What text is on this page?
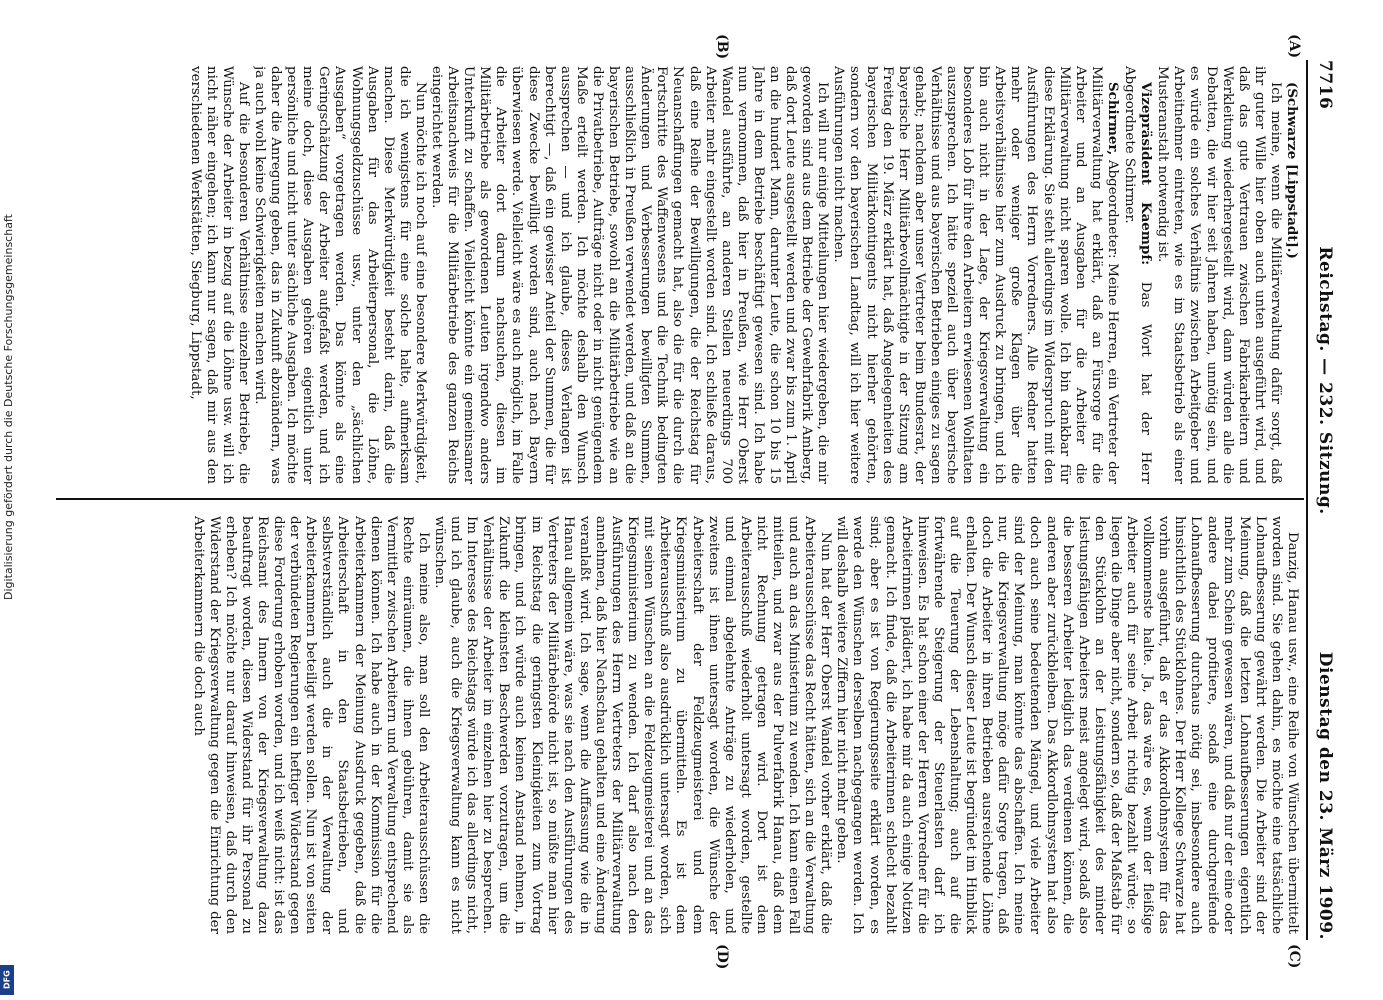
7716
Reichstag. — 232. Sitzung.
Dienstag den 23. März 1909.
(A)
(B)
(C)
(D)

(Schwarze [Lippstadt].)

Ich meine, wenn die Militärverwaltung dafür sorgt, daß ihr guter Wille hier oben auch unten ausgeführt wird, und daß das gute Vertrauen zwischen Fabrikarbeitern und Werkleitung wiederhergestellt wird, dann würden alle die Debatten, die wir hier seit Jahren haben, unnötig sein, und es würde ein solches Verhältnis zwischen Arbeitgeber und Arbeitnehmer eintreten, wie es im Staatsbetrieb als einer Musteranstalt notwendig ist.

Vizepräsident Kaempf: Das Wort hat der Herr Abgeordnete Schirmer.

Schirmer, Abgeordneter: Meine Herren, ein Vertreter der Militärverwaltung hat erklärt, daß an Fürsorge für die Arbeiter und an Ausgaben für die Arbeiter die Militärverwaltung nicht sparen wolle. Ich bin dankbar für diese Erklärung. Sie steht allerdings im Widerspruch mit den Ausführungen des Herrn Vorredners. Alle Redner hatten mehr oder weniger große Klagen über die Arbeitsverhältnisse hier zum Ausdruck zu bringen, und ich bin auch nicht in der Lage, der Kriegsverwaltung ein besonderes Lob für ihre den Arbeitern erwiesenen Wohltaten auszusprechen. Ich hätte speziell auch über bayerische Verhältnisse und aus bayerischen Betrieben einiges zu sagen gehabt; nachdem aber unser Vertreter beim Bundesrat, der bayerische Herr Militärbevollmächtigte in der Sitzung am Freitag den 19. März erklärt hat, daß Angelegenheiten des bayerischen Militärkontingents nicht hierher gehörten, sondern vor den bayerischen Landtag, will ich hier weitere Ausführungen nicht machen.

Ich will nur einige Mitteilungen hier wiedergeben, die mir geworden sind aus dem Betriebe der Gewehrfabrik Amberg, daß dort Leute ausgestellt werden und zwar bis zum 1. April an die hundert Mann, darunter Leute, die schon 10 bis 15 Jahre in dem Betriebe beschäftigt gewesen sind. Ich habe nun vernommen, daß hier in Preußen, wie Herr Oberst Wandel ausführte, an anderen Stellen neuerdings 700 Arbeiter mehr eingestellt worden sind. Ich schließe daraus, daß eine Reihe der Bewilligungen, die der Reichstag für Neuanschaffungen gemacht hat, also die für die durch die Fortschritte des Waffenwesens und die Technik bedingten Änderungen und Verbesserungen bewilligten Summen, ausschließlich in Preußen verwendet werden, und daß an die bayerischen Betriebe, sowohl an die Militärbetriebe wie an die Privatbetriebe, Aufträge nicht oder in nicht genügendem Maße erteilt werden. Ich möchte deshalb den Wunsch aussprechen — und ich glaube, dieses Verlangen ist berechtigt —, daß ein gewisser Anteil der Summen, die für diese Zwecke bewilligt worden sind, auch nach Bayern überwiesen werde. Vielleicht wäre es auch möglich, im Falle die Arbeiter dort darum nachsuchen, diesen im Militärbetriebe als gewordenen Leuten irgendwo anders Unterkunft zu schaffen. Vielleicht könnte ein gemeinsamer Arbeitsnachweis für die Militärbetriebe des ganzen Reichs eingerichtet werden.

Nun möchte ich noch auf eine besondere Merkwürdigkeit, die ich wenigstens für eine solche halte, aufmerksam machen. Diese Merkwürdigkeit besteht darin, daß die Ausgaben für das Arbeiterpersonal, die Löhne, Wohnungsgeldzuschüsse usw., unter den „sächlichen Ausgaben“ vorgetragen werden. Das könnte als eine Geringschätzung der Arbeiter aufgefaßt werden, und ich meine doch, diese Ausgaben gehören eigentlich unter persönliche und nicht unter sächliche Ausgaben. Ich möchte daher die Anregung geben, das in Zukunft abzuändern, was ja auch wohl keine Schwierigkeiten machen wird.

Auf die besonderen Verhältnisse einzelner Betriebe, die Wünsche der Arbeiter in bezug auf die Löhne usw. will ich nicht näher eingehen; ich kann nur sagen, daß mir aus den verschiedenen Werkstätten, Siegburg, Lippstadt,

Danzig, Hanau usw., eine Reihe von Wünschen übermittelt worden sind. Sie gehen dahin, es möchte eine tatsächliche Lohnaufbesserung gewährt werden. Die Arbeiter sind der Meinung, daß die letzten Lohnaufbesserungen eigentlich mehr zum Schein gewesen wären, und daß nur der eine oder andere dabei profitiere, sodaß eine durchgreifende Lohnaufbesserung durchaus nötig sei, insbesondere auch hinsichtlich des Stücklohnes. Der Herr Kollege Schwarze hat vorhin ausgeführt, daß er das Akkordlohnsystem für das vollkommenste halte. Ja, das wäre es, wenn der fleißige Arbeiter auch für seine Arbeit richtig bezahlt würde; so liegen die Dinge aber nicht, sondern so, daß der Maßstab für den Stücklohn an der Leistungsfähigkeit des minder leistungsfähigen Arbeiters meist angelegt wird, sodaß also die besseren Arbeiter lediglich das verdienen können, die anderen aber zurückbleiben. Das Akkordlohnsystem hat also doch auch seine bedeutenden Mängel, und viele Arbeiter sind der Meinung, man könnte das abschaffen. Ich meine nur, die Kriegsverwaltung möge dafür Sorge tragen, daß doch die Arbeiter in ihren Betrieben ausreichende Löhne erhalten. Der Wunsch dieser Leute ist begründet im Hinblick auf die Teuerung der Lebenshaltung; auch auf die fortwährende Steigerung der Steuerlasten darf ich hinweisen. Es hat schon einer der Herren Vorredner für die Arbeiterinnen plädiert, ich habe mir da auch einige Notizen gemacht. Ich finde, daß die Arbeiterinnen schlecht bezahlt sind; aber es ist von Regierungsseite erklärt worden, es werde den Wünschen derselben nachgegangen werden. Ich will deshalb weitere Ziffern hier nicht mehr geben.

Nun hat der Herr Oberst Wandel vorher erklärt, daß die Arbeiterausschüsse das Recht hätten, sich an die Verwaltung und auch an das Ministerium zu wenden. Ich kann einen Fall mitteilen, und zwar aus der Pulverfabrik Hanau, daß dem nicht Rechnung getragen wird. Dort ist dem Arbeiterausschuß wiederholt untersagt worden, gestellte und einmal abgelehnte Anträge zu wiederholen, und zweitens ist ihnen untersagt worden, die Wünsche der Arbeiterschaft der Feldzeugmeisterei und dem Kriegsministerium zu übermitteln. Es ist dem Arbeiterausschuß also ausdrücklich untersagt worden, sich mit seinen Wünschen an die Feldzeugmeisterei und an das Kriegsministerium zu wenden. Ich darf also nach den Ausführungen des Herrn Vertreters der Militärverwaltung annehmen, daß hier Nachschau gehalten und eine Änderung veranlaßt wird. Ich sage, wenn die Auffassung wie die in Hanau allgemein wäre, was sie nach den Ausführungen des Vertreters der Militärbehörde nicht ist, so müßte man hier im Reichstag die geringsten Kleinigkeiten zum Vortrag bringen, und ich würde auch keinen Anstand nehmen, in Zukunft die kleinsten Beschwerden vorzutragen, um die Verhältnisse der Arbeiter im einzelnen hier zu besprechen. Im Interesse des Reichstags würde ich das allerdings nicht, und ich glaube, auch die Kriegsverwaltung kann es nicht wünschen.

Ich meine also, man soll den Arbeiterausschüssen die Rechte einräumen, die ihnen gebühren, damit sie als Vermittler zwischen Arbeitern und Verwaltung entsprechend dienen können. Ich habe auch in der Kommission für die Arbeiterkammern der Meinung Ausdruck gegeben, daß die Arbeiterschaft in den Staatsbetrieben, und selbstverständlich auch die in der Verwaltung der Arbeiterkammern beteiligt werden sollen. Nun ist von seiten der verbündeten Regierungen ein heftiger Widerstand gegen diese Forderung erhoben worden, und ich weiß nicht: ist das Reichsamt des Innern von der Kriegsverwaltung dazu beauftragt worden, diesen Widerstand für ihr Personal zu erheben? Ich möchte nur darauf hinweisen, daß durch den Widerstand der Kriegsverwaltung gegen die Einrichtung der Arbeiterkammern die doch auch

Digitalisierung gefördert durch die Deutsche Forschungsgemeinschaft
DFG
